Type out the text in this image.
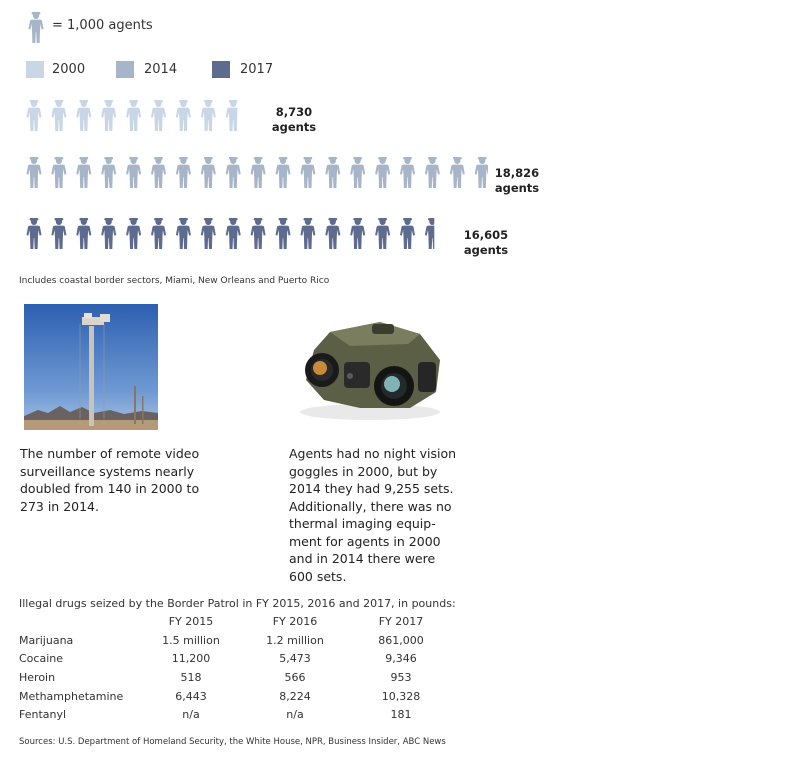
= 1,000 agents
2000	2014	2017
8,730
agents
18,826
agents
16,605
agents
Includes coastal border sectors, Miami, New Orleans and Puerto Rico
The number of remote video surveillance systems nearly doubled from 140 in 2000 to 273 in 2014.
Agents had no night vision goggles in 2000, but by 2014 they had 9,255 sets. Additionally, there was no thermal imaging equip-ment for agents in 2000 and in 2014 there were 600 sets.
Illegal drugs seized by the Border Patrol in FY 2015, 2016 and 2017, in pounds:
	FY 2015	FY 2016	FY 2017
Marijuana	1.5 million	1.2 million	861,000
Cocaine	11,200	5,473	9,346
Heroin	518	566	953
Methamphetamine	6,443	8,224	10,328
Fentanyl	n/a	n/a	181
Sources: U.S. Department of Homeland Security, the White House, NPR, Business Insider, ABC News
